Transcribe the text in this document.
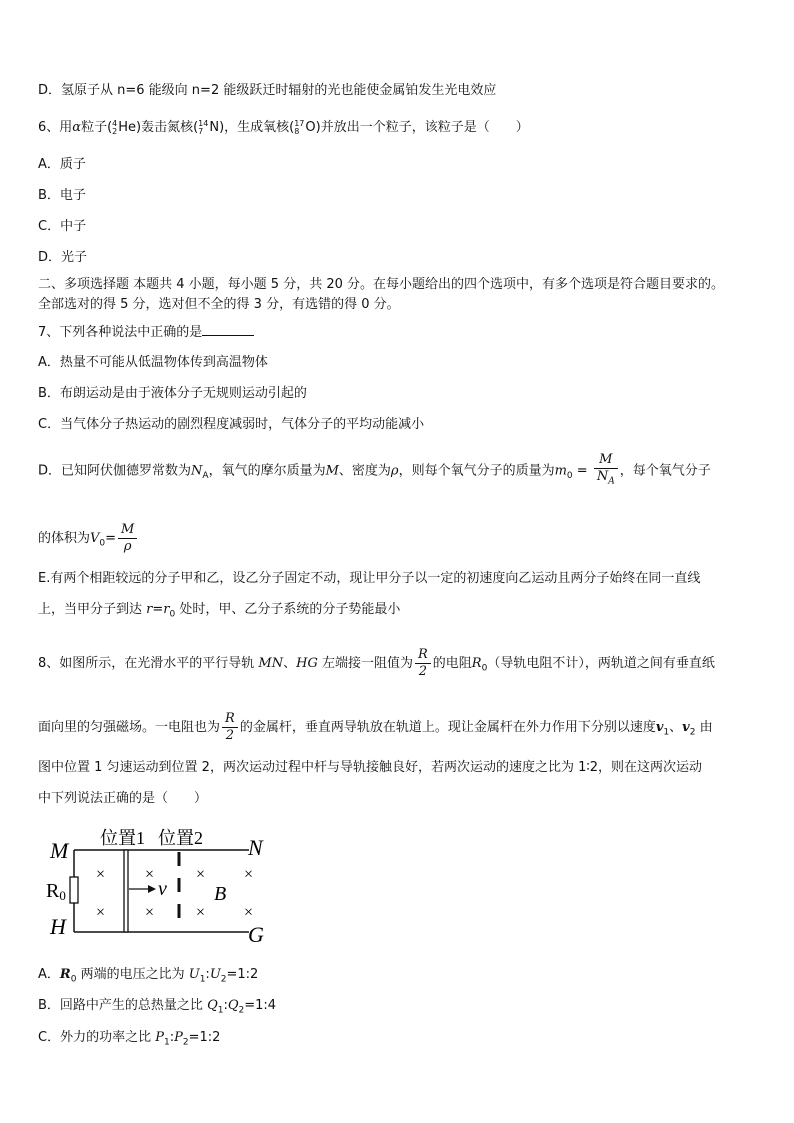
D．氢原子从 n=6 能级向 n=2 能级跃迁时辐射的光也能使金属铂发生光电效应
6、用α粒子( 4
2 He)轰击氮核( 14
7 N)，生成氧核( 17
8 O)并放出一个粒子，该粒子是（　　）
A．质子
B．电子
C．中子
D．光子
二、多项选择题 本题共 4 小题，每小题 5 分，共 20 分。在每小题给出的四个选项中，有多个选项是符合题目要求的。
全部选对的得 5 分，选对但不全的得 3 分，有选错的得 0 分。
7、下列各种说法中正确的是
A．热量不可能从低温物体传到高温物体
B．布朗运动是由于液体分子无规则运动引起的
C．当气体分子热运动的剧烈程度减弱时，气体分子的平均动能减小
D．已知阿伏伽德罗常数为$N_A$，氧气的摩尔质量为M、密度为ρ，则每个氧气分子的质量为$m_0 = \frac{M}{N_A}$ ，每个氧气分子
的体积为$V_0= \frac{M}{\rho}$
E.有两个相距较远的分子甲和乙，设乙分子固定不动，现让甲分子以一定的初速度向乙运动且两分子始终在同一直线
上，当甲分子到达 $r=r_0$ 处时，甲、乙分子系统的分子势能最小
8、如图所示，在光滑水平的平行导轨 MN、HG 左端接一阻值为 $\frac{R}{2}$ 的电阻$R_0$（导轨电阻不计），两轨道之间有垂直纸
面向里的匀强磁场。一电阻也为 $\frac{R}{2}$ 的金属杆，垂直两导轨放在轨道上。现让金属杆在外力作用下分别以速度$v_1$、$v_2$ 由
图中位置 1 匀速运动到位置 2，两次运动过程中杆与导轨接触良好，若两次运动的速度之比为 1∶2，则在这两次运动
中下列说法正确的是（　　）
M
H
N
G
R0
位置1 位置2
v B
×
×
×
×
×
×
×
×
A．$R_0$ 两端的电压之比为 $U_1:U_2=1:2$
B．回路中产生的总热量之比 $Q_1:Q_2=1:4$
C．外力的功率之比 $P_1:P_2=1:2$
